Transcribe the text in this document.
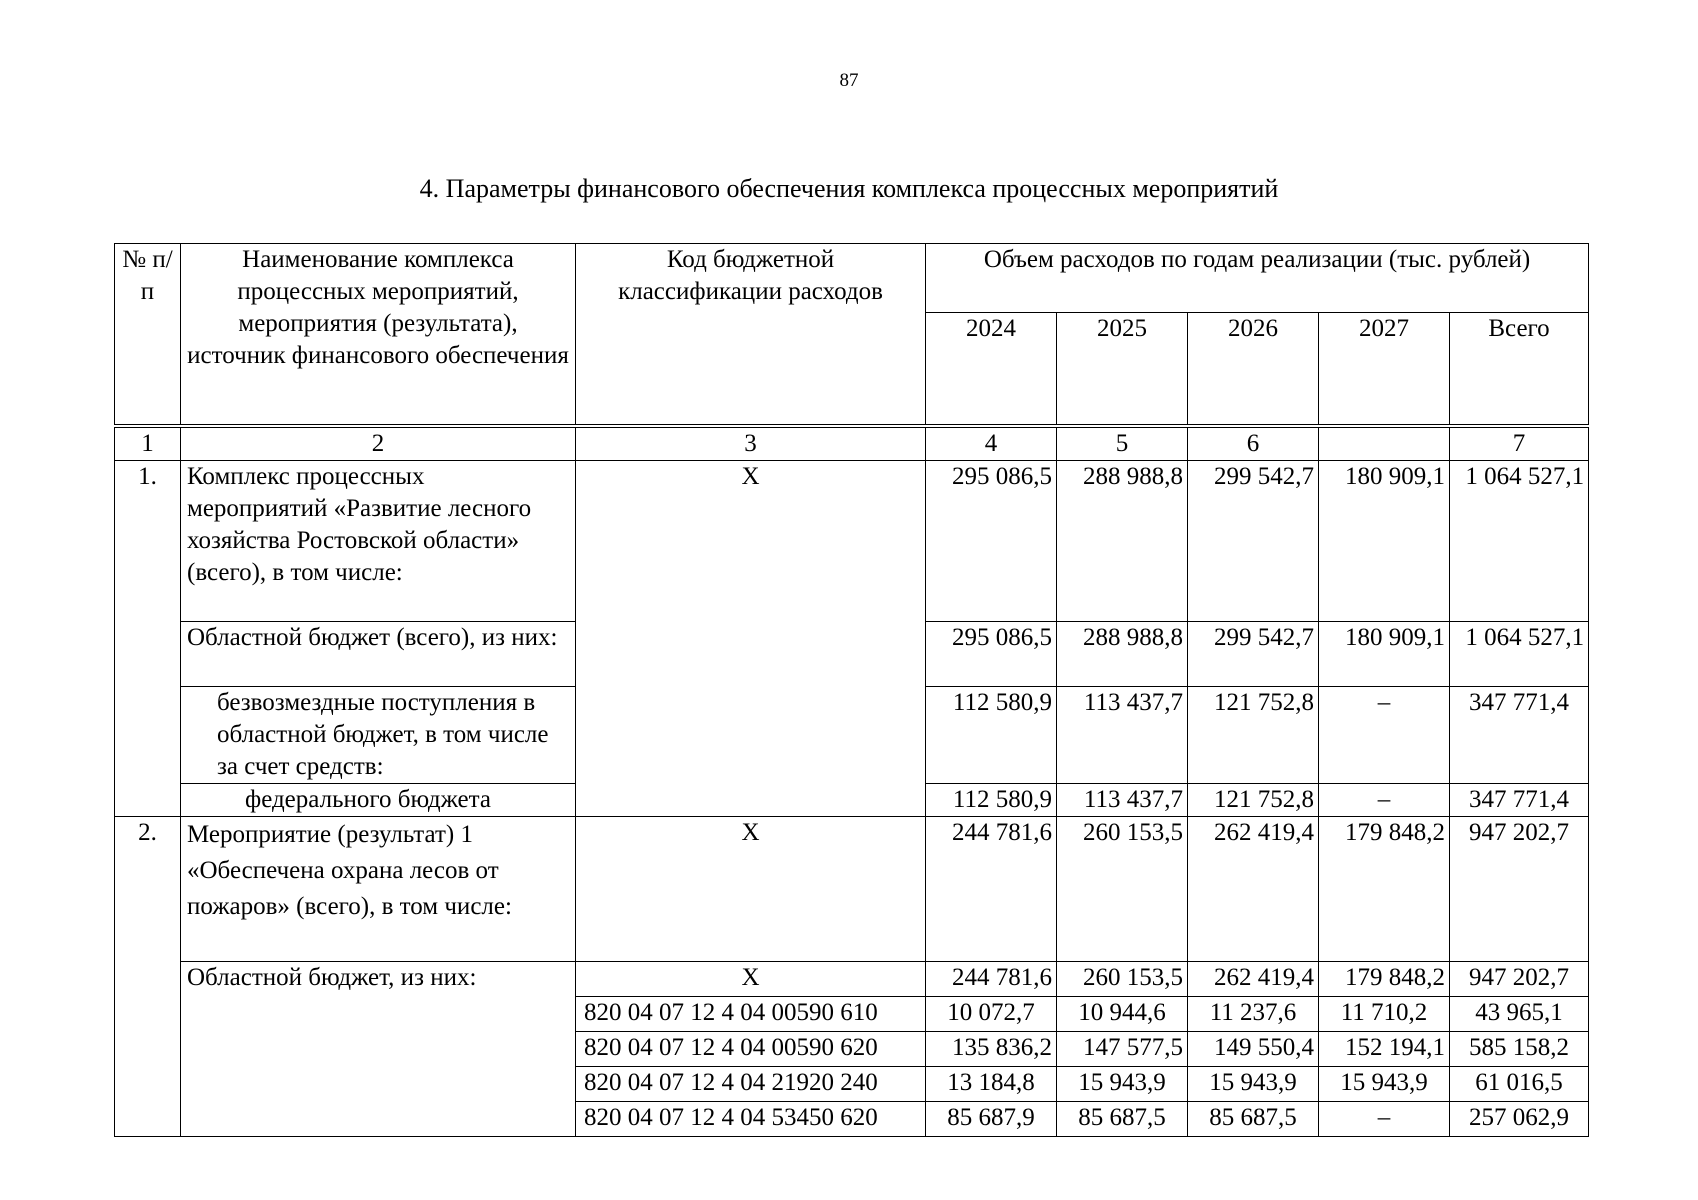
87
4. Параметры финансового обеспечения комплекса процессных мероприятий
№ п/п	Наименование комплекса процессных мероприятий, мероприятия (результата), источник финансового обеспечения	Код бюджетной классификации расходов	Объем расходов по годам реализации (тыс. рублей)				
			2024	2025	2026	2027	Всего
1	2	3	4	5	6		7
1.	Комплекс процессных мероприятий «Развитие лесного хозяйства Ростовской области» (всего), в том числе:	Х	295 086,5	288 988,8	299 542,7	180 909,1	1 064 527,1
	Областной бюджет (всего), из них:		295 086,5	288 988,8	299 542,7	180 909,1	1 064 527,1
	безвозмездные поступления в областной бюджет, в том числе за счет средств:		112 580,9	113 437,7	121 752,8	–	347 771,4
	федерального бюджета		112 580,9	113 437,7	121 752,8	–	347 771,4
2.	Мероприятие (результат) 1 «Обеспечена охрана лесов от пожаров» (всего), в том числе:	Х	244 781,6	260 153,5	262 419,4	179 848,2	947 202,7
	Областной бюджет, из них:	Х	244 781,6	260 153,5	262 419,4	179 848,2	947 202,7
		820 04 07 12 4 04 00590 610	10 072,7	10 944,6	11 237,6	11 710,2	43 965,1
		820 04 07 12 4 04 00590 620	135 836,2	147 577,5	149 550,4	152 194,1	585 158,2
		820 04 07 12 4 04 21920 240	13 184,8	15 943,9	15 943,9	15 943,9	61 016,5
		820 04 07 12 4 04 53450 620	85 687,9	85 687,5	85 687,5	–	257 062,9
